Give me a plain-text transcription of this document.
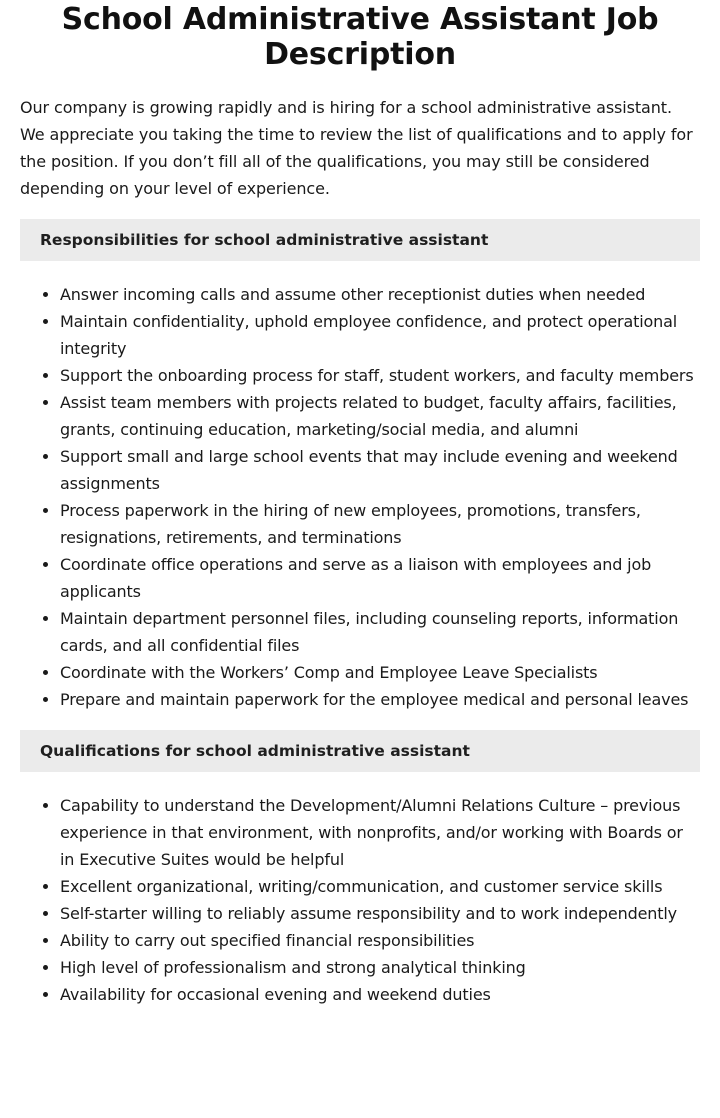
School Administrative Assistant Job Description

Our company is growing rapidly and is hiring for a school administrative assistant. We appreciate you taking the time to review the list of qualifications and to apply for the position. If you don’t fill all of the qualifications, you may still be considered depending on your level of experience.

Responsibilities for school administrative assistant
• Answer incoming calls and assume other receptionist duties when needed
• Maintain confidentiality, uphold employee confidence, and protect operational integrity
• Support the onboarding process for staff, student workers, and faculty members
• Assist team members with projects related to budget, faculty affairs, facilities, grants, continuing education, marketing/social media, and alumni
• Support small and large school events that may include evening and weekend assignments
• Process paperwork in the hiring of new employees, promotions, transfers, resignations, retirements, and terminations
• Coordinate office operations and serve as a liaison with employees and job applicants
• Maintain department personnel files, including counseling reports, information cards, and all confidential files
• Coordinate with the Workers’ Comp and Employee Leave Specialists
• Prepare and maintain paperwork for the employee medical and personal leaves
Qualifications for school administrative assistant
• Capability to understand the Development/Alumni Relations Culture – previous experience in that environment, with nonprofits, and/or working with Boards or in Executive Suites would be helpful
• Excellent organizational, writing/communication, and customer service skills
• Self-starter willing to reliably assume responsibility and to work independently
• Ability to carry out specified financial responsibilities
• High level of professionalism and strong analytical thinking
• Availability for occasional evening and weekend duties
